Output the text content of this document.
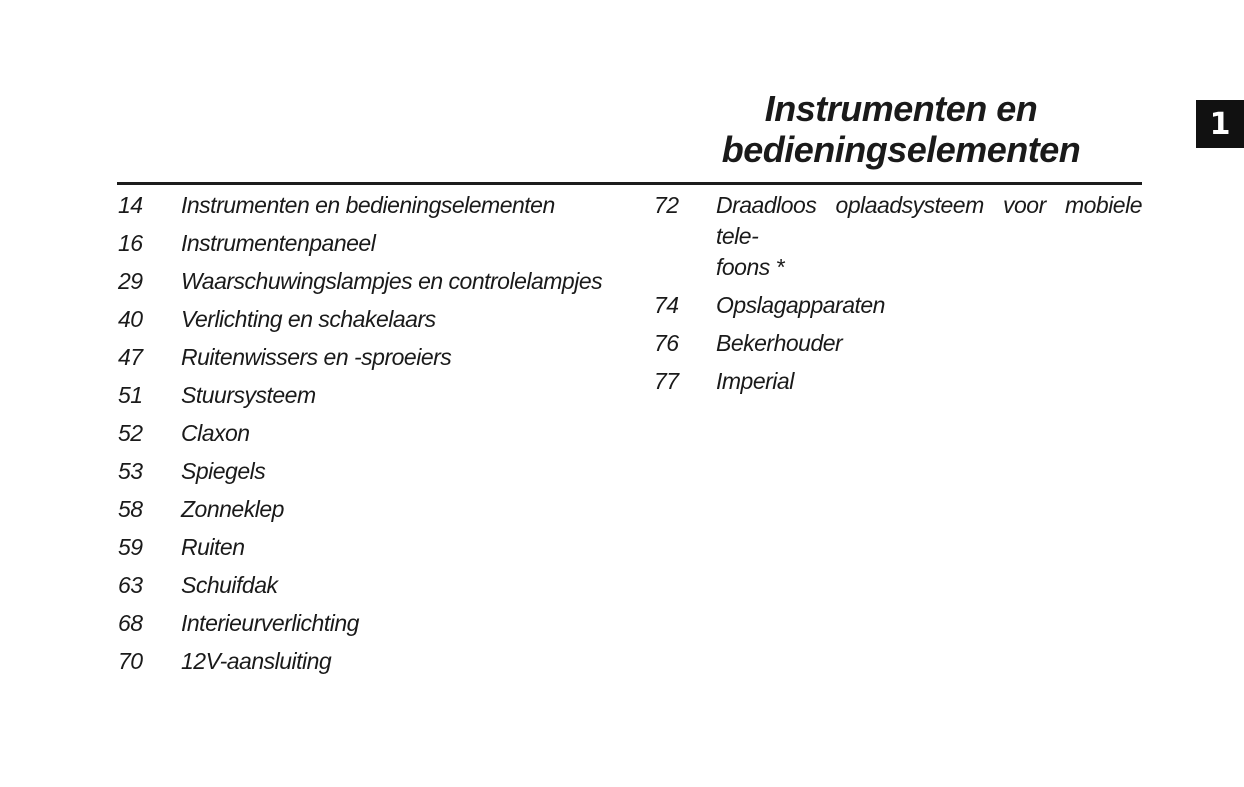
Instrumenten en
bedieningselementen
1
14	Instrumenten en bedieningselementen
16	Instrumentenpaneel
29	Waarschuwingslampjes en controlelampjes
40	Verlichting en schakelaars
47	Ruitenwissers en -sproeiers
51	Stuursysteem
52	Claxon
53	Spiegels
58	Zonneklep
59	Ruiten
63	Schuifdak
68	Interieurverlichting
70	12V-aansluiting
72	Draadloos oplaadsysteem voor mobiele tele-
foons *
74	Opslagapparaten
76	Bekerhouder
77	Imperial
